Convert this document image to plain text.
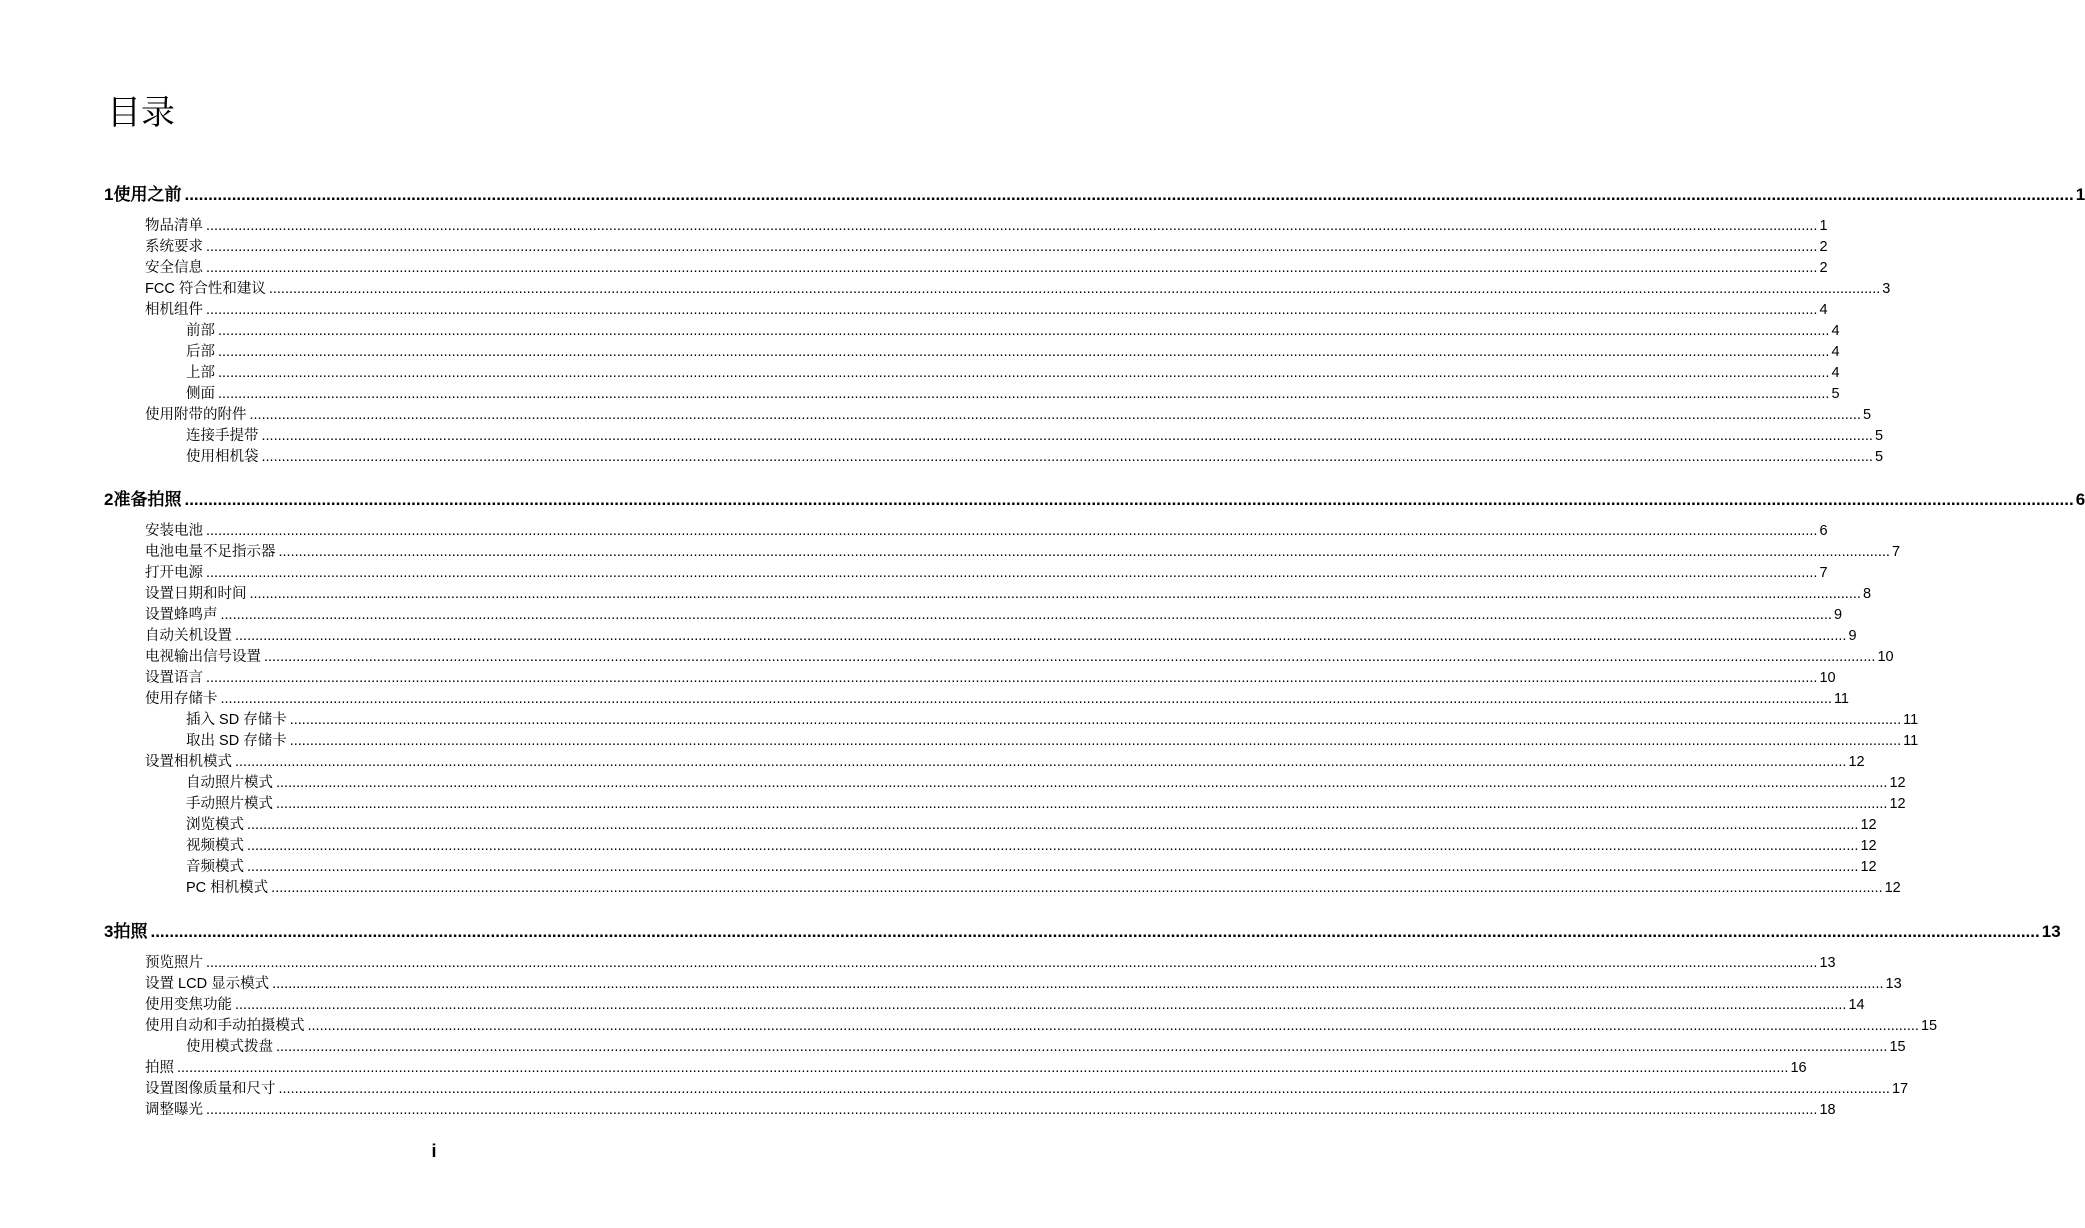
目录
1 使用之前 ................................................................................................................................................................................................................................................................................................................................................................................................................ 1
物品清单 ................................................................................................................................................................................................................................................................................................................................................................................................................ 1
系统要求 ................................................................................................................................................................................................................................................................................................................................................................................................................ 2
安全信息 ................................................................................................................................................................................................................................................................................................................................................................................................................ 2
FCC 符合性和建议 ................................................................................................................................................................................................................................................................................................................................................................................................................ 3
相机组件 ................................................................................................................................................................................................................................................................................................................................................................................................................ 4
前部 ................................................................................................................................................................................................................................................................................................................................................................................................................ 4
后部 ................................................................................................................................................................................................................................................................................................................................................................................................................ 4
上部 ................................................................................................................................................................................................................................................................................................................................................................................................................ 4
侧面 ................................................................................................................................................................................................................................................................................................................................................................................................................ 5
使用附带的附件 ................................................................................................................................................................................................................................................................................................................................................................................................................ 5
连接手提带 ................................................................................................................................................................................................................................................................................................................................................................................................................ 5
使用相机袋 ................................................................................................................................................................................................................................................................................................................................................................................................................ 5
2 准备拍照 ................................................................................................................................................................................................................................................................................................................................................................................................................ 6
安装电池 ................................................................................................................................................................................................................................................................................................................................................................................................................ 6
电池电量不足指示器 ................................................................................................................................................................................................................................................................................................................................................................................................................ 7
打开电源 ................................................................................................................................................................................................................................................................................................................................................................................................................ 7
设置日期和时间 ................................................................................................................................................................................................................................................................................................................................................................................................................ 8
设置蜂鸣声 ................................................................................................................................................................................................................................................................................................................................................................................................................ 9
自动关机设置 ................................................................................................................................................................................................................................................................................................................................................................................................................ 9
电视输出信号设置 ................................................................................................................................................................................................................................................................................................................................................................................................................ 10
设置语言 ................................................................................................................................................................................................................................................................................................................................................................................................................ 10
使用存储卡 ................................................................................................................................................................................................................................................................................................................................................................................................................ 11
插入 SD 存储卡 ................................................................................................................................................................................................................................................................................................................................................................................................................ 11
取出 SD 存储卡 ................................................................................................................................................................................................................................................................................................................................................................................................................ 11
设置相机模式 ................................................................................................................................................................................................................................................................................................................................................................................................................ 12
自动照片模式 ................................................................................................................................................................................................................................................................................................................................................................................................................ 12
手动照片模式 ................................................................................................................................................................................................................................................................................................................................................................................................................ 12
浏览模式 ................................................................................................................................................................................................................................................................................................................................................................................................................ 12
视频模式 ................................................................................................................................................................................................................................................................................................................................................................................................................ 12
音频模式 ................................................................................................................................................................................................................................................................................................................................................................................................................ 12
PC 相机模式 ................................................................................................................................................................................................................................................................................................................................................................................................................ 12
3 拍照 ................................................................................................................................................................................................................................................................................................................................................................................................................ 13
预览照片 ................................................................................................................................................................................................................................................................................................................................................................................................................ 13
设置 LCD 显示模式 ................................................................................................................................................................................................................................................................................................................................................................................................................ 13
使用变焦功能 ................................................................................................................................................................................................................................................................................................................................................................................................................ 14
使用自动和手动拍摄模式 ................................................................................................................................................................................................................................................................................................................................................................................................................ 15
使用模式拨盘 ................................................................................................................................................................................................................................................................................................................................................................................................................ 15
拍照 ................................................................................................................................................................................................................................................................................................................................................................................................................ 16
设置图像质量和尺寸 ................................................................................................................................................................................................................................................................................................................................................................................................................ 17
调整曝光 ................................................................................................................................................................................................................................................................................................................................................................................................................ 18
i
